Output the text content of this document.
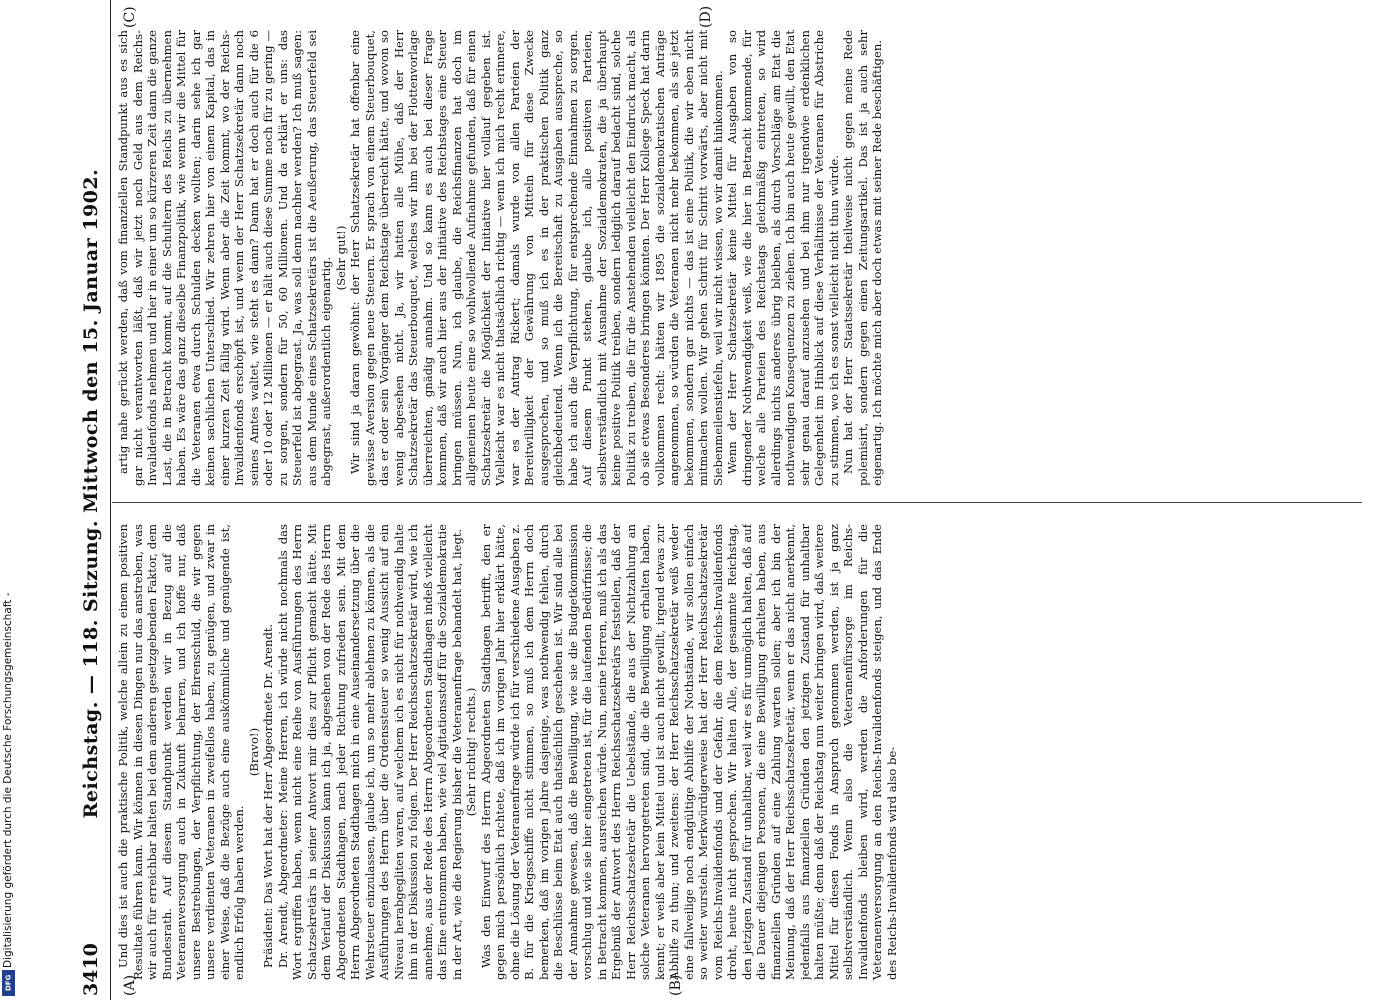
3410
Reichstag. — 118. Sitzung. Mittwoch den 15. Januar 1902.
(A)	(B)
(C)	(D)

Und dies ist auch die praktische Politik, welche allein zu einem positiven Resultate führen kann. Wir können in diesen Dingen nur das anstreben, was wir auch für erreichbar halten bei dem anderen gesetzgebenden Faktor, dem Bundesrath. Auf diesem Standpunkt werden wir in Bezug auf die Veteranenversorgung auch in Zukunft beharren, und ich hoffe nur, daß unsere Bestrebungen, der Verpflichtung, der Ehrenschuld, die wir gegen unsere verdienten Veteranen in zweifellos haben, zu genügen, und zwar in einer Weise, daß die Bezüge auch eine auskömmliche und genügende ist, endlich Erfolg haben werden.

(Bravo!) Präsident: Das Wort hat der Herr Abgeordnete Dr. Arendt. Dr. Arendt, Abgeordneter: Meine Herren, ich würde nicht nochmals das Wort ergriffen haben, wenn nicht eine Reihe von Ausführungen des Herrn Schatzsekretärs in seiner Antwort mir dies zur Pflicht gemacht hätte. Mit dem Verlauf der Diskussion kann ich ja, abgesehen von der Rede des Herrn Abgeordneten Stadthagen, nach jeder Richtung zufrieden sein. Mit dem Herrn Abgeordneten Stadthagen mich in eine Auseinandersetzung über die Wehrsteuer einzulassen, glaube ich, um so mehr ablehnen zu können, als die Ausführungen des Herrn über die Ordenssteuer so wenig Aussicht auf ein Niveau herabgegliten waren, auf welchem ich es nicht für nothwendig halte ihm in der Diskussion zu folgen. Der Herr Reichsschatzsekretär wird, wie ich annehme, aus der Rede des Herrn Abgeordneten Stadthagen indeß vielleicht das Eine entnommen haben, wie viel Agitationsstoff für die Sozialdemokratie in der Art, wie die Regierung bisher die Veteranenfrage behandelt hat, liegt. (Sehr richtig! rechts.) Was den Einwurf des Herrn Abgeordneten Stadthagen betrifft, den er gegen mich persönlich richtete, daß ich im vorigen Jahr hier erklärt hätte, ohne die Lösung der Veteranenfrage würde ich für verschiedene Ausgaben z. B. für die Kriegsschiffe nicht stimmen, so muß ich dem Herrn doch bemerken, daß im vorigen Jahre dasjenige, was nothwendig fehlen, durch die Beschlüsse beim Etat auch thatsächlich geschehen ist. Wir sind alle bei der Annahme gewesen, daß die Bewilligung, wie sie die Budgetkommission vorschlug und wie sie hier eingetreten ist, für die laufenden Bedürfnisse; die in Betracht kommen, ausreichen würde. Nun, meine Herren, muß ich als das Ergebniß der Antwort des Herrn Reichsschatzsekretärs feststellen, daß der Herr Reichsschatzsekretär die Uebelstände, die aus der Nichtzahlung an solche Veteranen hervorgetreten sind, die die Bewilligung erhalten haben, kennt; er weiß aber kein Mittel und ist auch nicht gewillt, irgend etwas zur Abhilfe zu thun; und zweitens: der Herr Reichsschatzsekretär weiß weder eine fallweilige noch endgültige Abhilfe der Nothstände, wir sollen einfach so weiter wursteln. Merkwürdigerweise hat der Herr Reichsschatzsekretär vom Reichs-Invalidenfonds und der Gefahr, die dem Reichs-Invalidenfonds droht, heute nicht gesprochen. Wir halten Alle, der gesammte Reichstag, den jetzigen Zustand für unhaltbar, weil wir es für unmöglich halten, daß auf die Dauer diejenigen Personen, die eine Bewilligung erhalten haben, aus finanziellen Gründen auf eine Zahlung warten sollen; aber ich bin der Meinung, daß der Herr Reichsschatzsekretär, wenn er das nicht anerkennt, jedenfalls aus finanziellen Gründen den jetzigen Zustand für unhaltbar halten müßte; denn daß der Reichstag nun weiter bringen wird, daß weitere Mittel für diesen Fonds in Anspruch genommen werden, ist ja ganz selbstverständlich. Wenn also die Veteranenfürsorge im Reichs-Invalidenfonds bleiben wird, werden die Anforderungen für die Veteranenversorgung an den Reichs-Invalidenfonds steigen, und das Ende des Reichs-Invalidenfonds wird also be-

artig nahe gerückt werden, daß vom finanziellen Standpunkt aus es sich gar nicht verantworten läßt, daß wir jetzt noch Geld aus dem Reichs-Invalidenfonds nehmen und hier in einer um so kürzeren Zeit dann die ganze Last, die in Betracht kommt, auf die Schultern des Reichs zu übernehmen haben. Es wäre das ganz dieselbe Finanzpolitik, wie wenn wir die Mittel für die Veteranen etwa durch Schulden decken wollten; darin sehe ich gar keinen sachlichen Unterschied. Wir zehren hier von einem Kapital, das in einer kurzen Zeit fällig wird. Wenn aber die Zeit kommt, wo der Reichs-Invalidenfonds erschöpft ist, und wenn der Herr Schatzsekretär dann noch seines Amtes waltet, wie steht es dann? Dann hat er doch auch für die 6 oder 10 oder 12 Millionen — er hält auch diese Summe noch für zu gering — zu sorgen, sondern für 50, 60 Millionen. Und da erklärt er uns: das Steuerfeld ist abgegrast. Ja, was soll denn nachher werden? Ich muß sagen: aus dem Munde eines Schatzsekretärs ist die Aeußerung, das Steuerfeld sei abgegrast, außerordentlich eigenartig. (Sehr gut!) Wir sind ja daran gewöhnt: der Herr Schatzsekretär hat offenbar eine gewisse Aversion gegen neue Steuern. Er sprach von einem Steuerbouquet, das er oder sein Vorgänger dem Reichstage überreicht hätte, und wovon so wenig abgesehen nicht. Ja, wir hatten alle Mühe, daß der Herr Schatzsekretär das Steuerbouquet, welches wir ihm bei der Flottenvorlage überreichten, gnädig annahm. Und so kann es auch bei dieser Frage kommen, daß wir auch hier aus der Initiative des Reichstages eine Steuer bringen müssen. Nun, ich glaube, die Reichsfinanzen hat doch im allgemeinen heute eine so wohlwollende Aufnahme gefunden, daß für einen Schatzsekretär die Möglichkeit der Initiative hier vollauf gegeben ist. Vielleicht war es nicht thatsächlich richtig — wenn ich mich recht erinnere, war es der Antrag Rickert; damals wurde von allen Parteien der Bereitwilligkeit der Gewährung von Mitteln für diese Zwecke ausgesprochen, und so muß ich es in der praktischen Politik ganz gleichbedeutend. Wenn ich die Bereitschaft zu Ausgaben ausspreche, so habe ich auch die Verpflichtung, für entsprechende Einnahmen zu sorgen. Auf diesem Punkt stehen, glaube ich, alle positiven Parteien, selbstverständlich mit Ausnahme der Sozialdemokraten, die ja überhaupt keine positive Politik treiben, sondern lediglich darauf bedacht sind, solche Politik zu treiben, die für die Anstehenden vielleicht den Eindruck macht, als ob sie etwas Besonderes bringen könnten. Der Herr Kollege Speck hat darin vollkommen recht: hätten wir 1895 die sozialdemokratischen Anträge angenommen, so würden die Veteranen nicht mehr bekommen, als sie jetzt bekommen, sondern gar nichts — das ist eine Politik, die wir eben nicht mitmachen wollen. Wir gehen Schritt für Schritt vorwärts, aber nicht mit Siebenmeilenstiefeln, weil wir nicht wissen, wo wir damit hinkommen. Wenn der Herr Schatzsekretär keine Mittel für Ausgaben von so dringender Nothwendigkeit weiß, wie die hier in Betracht kommende, für welche alle Parteien des Reichstags gleichmäßig eintreten, so wird allerdings nichts anderes übrig bleiben, als durch Vorschläge am Etat die nothwendigen Konsequenzen zu ziehen. Ich bin auch heute gewillt, den Etat sehr genau darauf anzusehen und bei ihm nur irgendwie erdenklichen Gelegenheit im Hinblick auf diese Verhältnisse der Veteranen für Abstriche zu stimmen, wo ich es sonst vielleicht nicht thun würde. Nun hat der Herr Staatssekretär theilweise nicht gegen meine Rede polemisirt, sondern gegen einen Zeitungsartikel. Das ist ja auch sehr eigenartig. Ich möchte mich aber doch etwas mit seiner Rede beschäftigen.

Digitalisierung gefördert durch die Deutsche Forschungsgemeinschaft -
DFG
